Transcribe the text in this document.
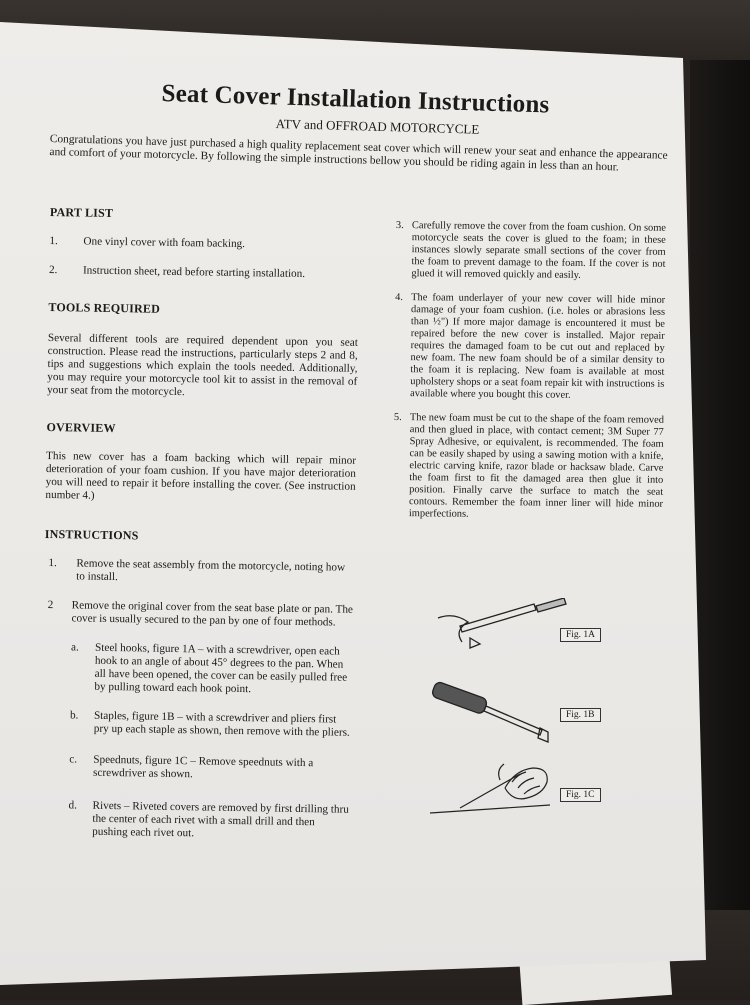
Seat Cover Installation Instructions

ATV and OFFROAD MOTORCYCLE

Congratulations you have just purchased a high quality replacement seat cover which will renew your seat and enhance the appearance and comfort of your motorcycle. By following the simple instructions bellow you should be riding again in less than an hour.

PART LIST
1.	One vinyl cover with foam backing.
2.	Instruction sheet, read before starting installation.
TOOLS REQUIRED

Several different tools are required dependent upon you seat construction. Please read the instructions, particularly steps 2 and 8, tips and suggestions which explain the tools needed. Additionally, you may require your motorcycle tool kit to assist in the removal of your seat from the motorcycle.

OVERVIEW

This new cover has a foam backing which will repair minor deterioration of your foam cushion. If you have major deterioration you will need to repair it before installing the cover. (See instruction number 4.)

INSTRUCTIONS
1.	Remove the seat assembly from the motorcycle, noting how to install.
2	Remove the original cover from the seat base plate or pan. The cover is usually secured to the pan by one of four methods.
a.	Steel hooks, figure 1A – with a screwdriver, open each hook to an angle of about 45° degrees to the pan. When all have been opened, the cover can be easily pulled free by pulling toward each hook point.
b.	Staples, figure 1B – with a screwdriver and pliers first pry up each staple as shown, then remove with the pliers.
c.	Speednuts, figure 1C – Remove speednuts with a screwdriver as shown.
d.	Rivets – Riveted covers are removed by first drilling thru the center of each rivet with a small drill and then pushing each rivet out.
3. Carefully remove the cover from the foam cushion. On some motorcycle seats the cover is glued to the foam; in these instances slowly separate small sections of the cover from the foam to prevent damage to the foam. If the cover is not glued it will removed quickly and easily.
4. The foam underlayer of your new cover will hide minor damage of your foam cushion. (i.e. holes or abrasions less than ½") If more major damage is encountered it must be repaired before the new cover is installed. Major repair requires the damaged foam to be cut out and replaced by new foam. The new foam should be of a similar density to the foam it is replacing. New foam is available at most upholstery shops or a seat foam repair kit with instructions is available where you bought this cover.
5. The new foam must be cut to the shape of the foam removed and then glued in place, with contact cement; 3M Super 77 Spray Adhesive, or equivalent, is recommended. The foam can be easily shaped by using a sawing motion with a knife, electric carving knife, razor blade or hacksaw blade. Carve the foam first to fit the damaged area then glue it into position. Finally carve the surface to match the seat contours. Remember the foam inner liner will hide minor imperfections.
Fig. 1A
Fig. 1B
Fig. 1C
